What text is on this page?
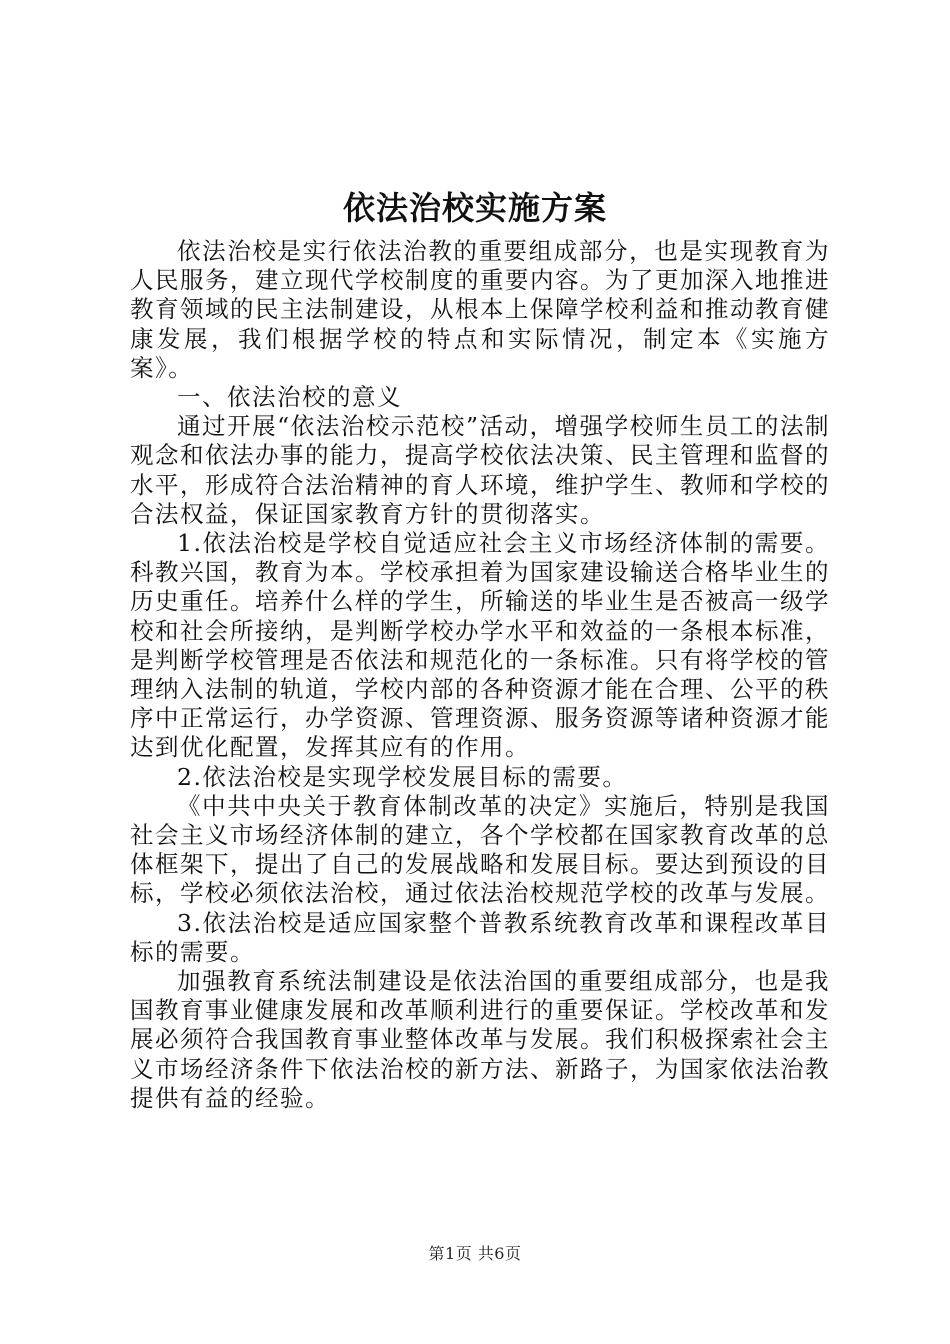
依法治校实施方案

依法治校是实行依法治教的重要组成部分，也是实现教育为人民服务，建立现代学校制度的重要内容。为了更加深入地推进教育领域的民主法制建设，从根本上保障学校利益和推动教育健康发展，我们根据学校的特点和实际情况，制定本《实施方案》。

一、依法治校的意义

通过开展“依法治校示范校”活动，增强学校师生员工的法制观念和依法办事的能力，提高学校依法决策、民主管理和监督的水平，形成符合法治精神的育人环境，维护学生、教师和学校的合法权益，保证国家教育方针的贯彻落实。

1.依法治校是学校自觉适应社会主义市场经济体制的需要。科教兴国，教育为本。学校承担着为国家建设输送合格毕业生的历史重任。培养什么样的学生，所输送的毕业生是否被高一级学校和社会所接纳，是判断学校办学水平和效益的一条根本标准，是判断学校管理是否依法和规范化的一条标准。只有将学校的管理纳入法制的轨道，学校内部的各种资源才能在合理、公平的秩序中正常运行，办学资源、管理资源、服务资源等诸种资源才能达到优化配置，发挥其应有的作用。

2.依法治校是实现学校发展目标的需要。

《中共中央关于教育体制改革的决定》实施后，特别是我国社会主义市场经济体制的建立，各个学校都在国家教育改革的总体框架下，提出了自己的发展战略和发展目标。要达到预设的目标，学校必须依法治校，通过依法治校规范学校的改革与发展。

3.依法治校是适应国家整个普教系统教育改革和课程改革目标的需要。

加强教育系统法制建设是依法治国的重要组成部分，也是我国教育事业健康发展和改革顺利进行的重要保证。学校改革和发展必须符合我国教育事业整体改革与发展。我们积极探索社会主义市场经济条件下依法治校的新方法、新路子，为国家依法治教提供有益的经验。

第1页 共6页
